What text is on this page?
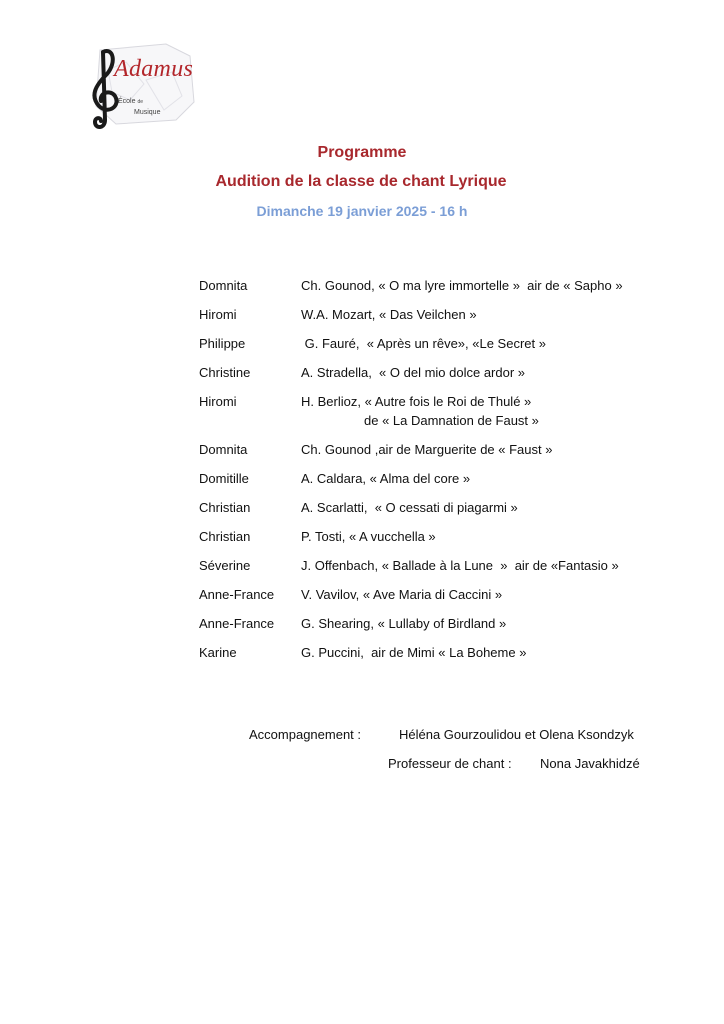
Adamus
École de
Musique
Programme
Audition de la classe de chant Lyrique
Dimanche 19 janvier 2025 - 16 h
Domnita	Ch. Gounod, « O ma lyre immortelle »  air de « Sapho »
Hiromi	W.A. Mozart, « Das Veilchen »
Philippe	G. Fauré,  « Après un rêve», «Le Secret »
Christine	A. Stradella,  « O del mio dolce ardor »
Hiromi	H. Berlioz, « Autre fois le Roi de Thulé »
de « La Damnation de Faust »
Domnita	Ch. Gounod ,air de Marguerite de « Faust »
Domitille	A. Caldara, « Alma del core »
Christian	A. Scarlatti,  « O cessati di piagarmi »
Christian	P. Tosti, « A vucchella »
Séverine	J. Offenbach, « Ballade à la Lune  »  air de «Fantasio »
Anne-France V. Vavilov, « Ave Maria di Caccini »
Anne-France G. Shearing, « Lullaby of Birdland »
Karine	G. Puccini,  air de Mimi « La Boheme »
Accompagnement :	Héléna Gourzoulidou et Olena Ksondzyk
Professeur de chant : Nona Javakhidzé
